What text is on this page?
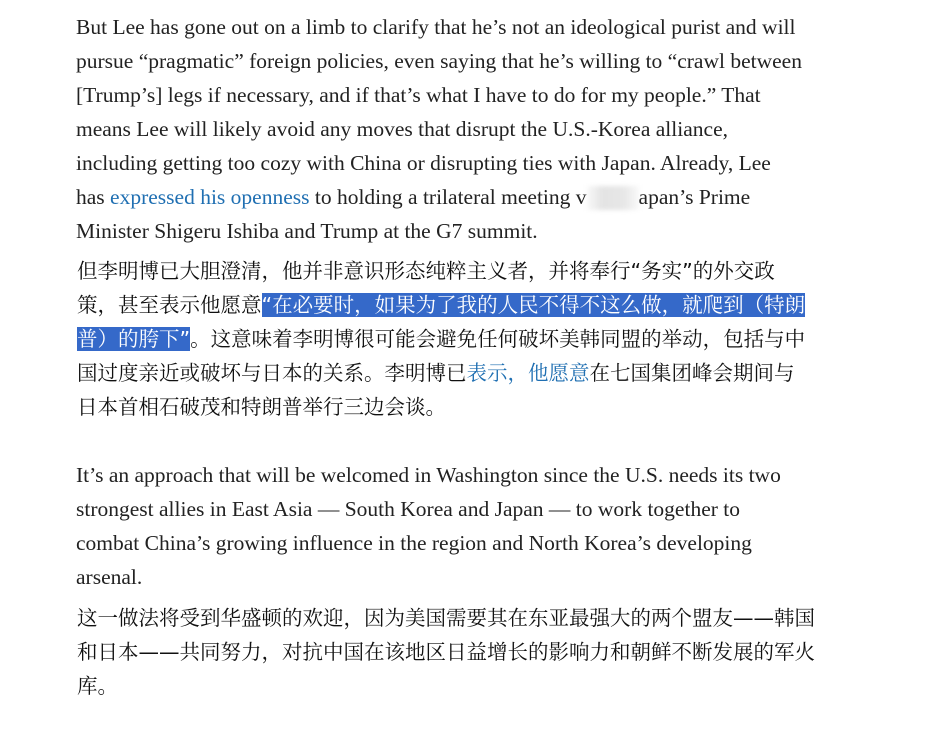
But Lee has gone out on a limb to clarify that he’s not an ideological purist and will
pursue “pragmatic” foreign policies, even saying that he’s willing to “crawl between
[Trump’s] legs if necessary, and if that’s what I have to do for my people.” That
means Lee will likely avoid any moves that disrupt the U.S.-Korea alliance,
including getting too cozy with China or disrupting ties with Japan. Already, Lee
has expressed his openness to holding a trilateral meeting v apan’s Prime
Minister Shigeru Ishiba and Trump at the G7 summit.

但李明博已大胆澄清，他并非意识形态纯粹主义者，并将奉行“务实”的外交政
策，甚至表示他愿意“在必要时，如果为了我的人民不得不这么做，就爬到（特朗
普）的胯下”。这意味着李明博很可能会避免任何破坏美韩同盟的举动，包括与中
国过度亲近或破坏与日本的关系。李明博已表示，他愿意在七国集团峰会期间与
日本首相石破茂和特朗普举行三边会谈。

It’s an approach that will be welcomed in Washington since the U.S. needs its two
strongest allies in East Asia — South Korea and Japan — to work together to
combat China’s growing influence in the region and North Korea’s developing
arsenal.

这一做法将受到华盛顿的欢迎，因为美国需要其在东亚最强大的两个盟友——韩国
和日本——共同努力，对抗中国在该地区日益增长的影响力和朝鲜不断发展的军火
库。
